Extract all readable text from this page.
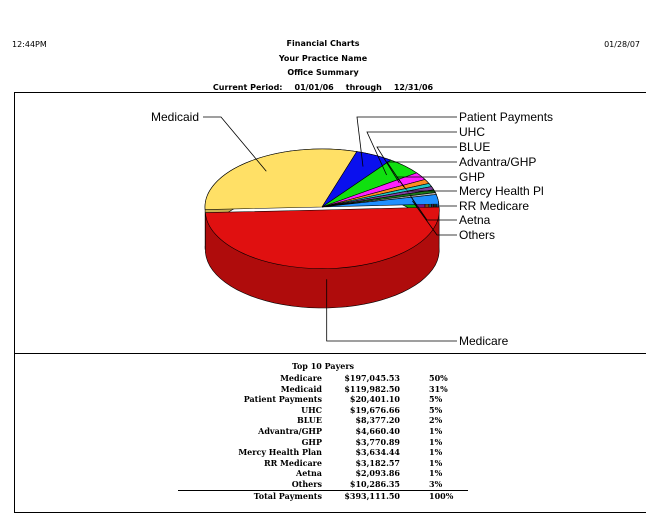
12:44PM	01/28/07
Financial Charts
Your Practice Name
Office Summary
Current Period: 01/01/06 through 12/31/06
Medicare
Medicaid	Patient Payments
UHC
BLUE
Advantra/GHP
GHP
Mercy Health Pl
RR Medicare
Aetna
Others
Top 10 Payers
Medicare	$197,045.53	50%
Medicaid	$119,982.50	31%
Patient Payments	$20,401.10	5%
UHC	$19,676.66	5%
BLUE	$8,377.20	2%
Advantra/GHP	$4,660.40	1%
GHP	$3,770.89	1%
Mercy Health Plan	$3,634.44	1%
RR Medicare	$3,182.57	1%
Aetna	$2,093.86	1%
Others	$10,286.35	3%
Total Payments	$393,111.50	100%
